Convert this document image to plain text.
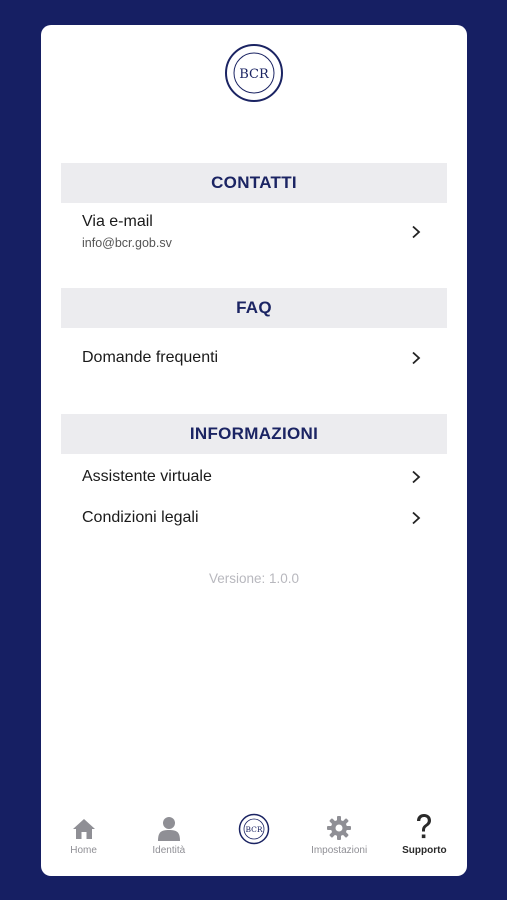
BCR
CONTATTI
Via e-mail
info@bcr.gob.sv
FAQ
Domande frequenti
INFORMAZIONI
Assistente virtuale
Condizioni legali
Versione: 1.0.0
Home	Identità
BCR
Impostazioni	Supporto
